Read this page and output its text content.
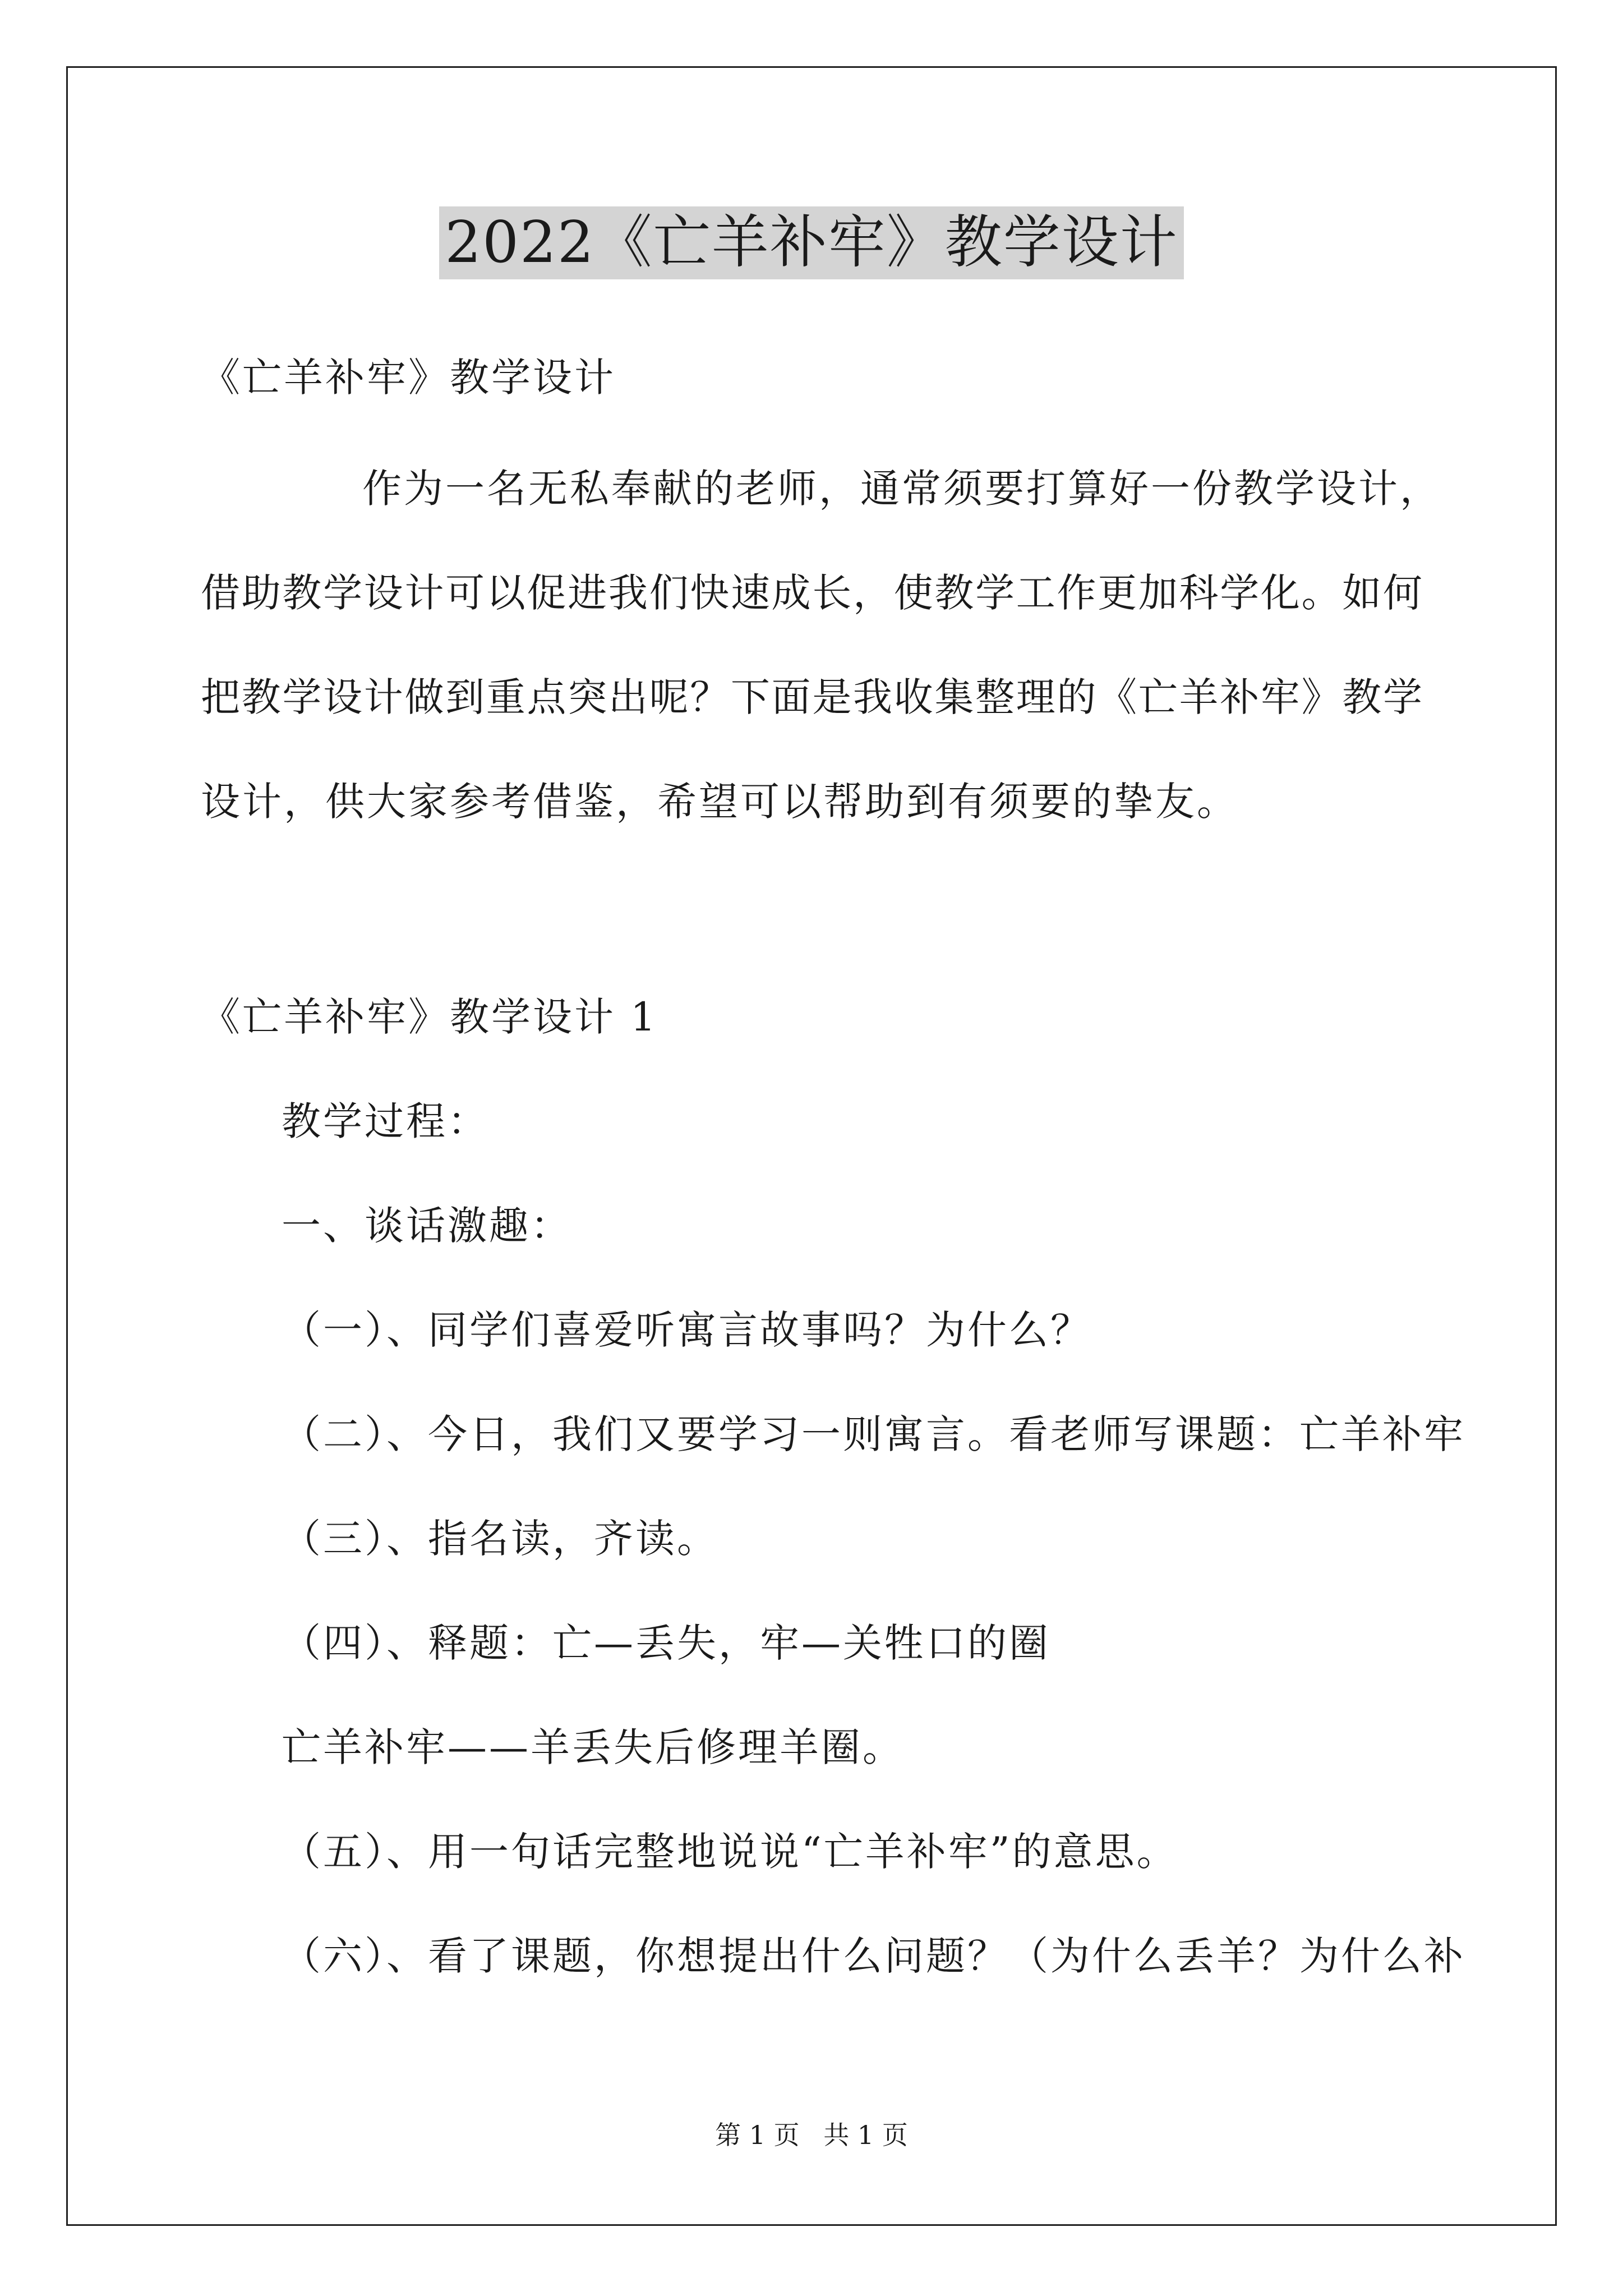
2022《亡羊补牢》教学设计
《亡羊补牢》教学设计
作为一名无私奉献的老师，通常须要打算好一份教学设计，
借助教学设计可以促进我们快速成长，使教学工作更加科学化。如何
把教学设计做到重点突出呢？下面是我收集整理的《亡羊补牢》教学
设计，供大家参考借鉴，希望可以帮助到有须要的挚友。
《亡羊补牢》教学设计 1
教学过程：
一、谈话激趣：
（一）、同学们喜爱听寓言故事吗？为什么？
（二）、今日，我们又要学习一则寓言。看老师写课题：亡羊补牢
（三）、指名读，齐读。
（四）、释题：亡—丢失，牢—关牲口的圈
亡羊补牢——羊丢失后修理羊圈。
（五）、用一句话完整地说说“亡羊补牢”的意思。
（六）、看了课题，你想提出什么问题？（为什么丢羊？为什么补
第 1 页 共 1 页
